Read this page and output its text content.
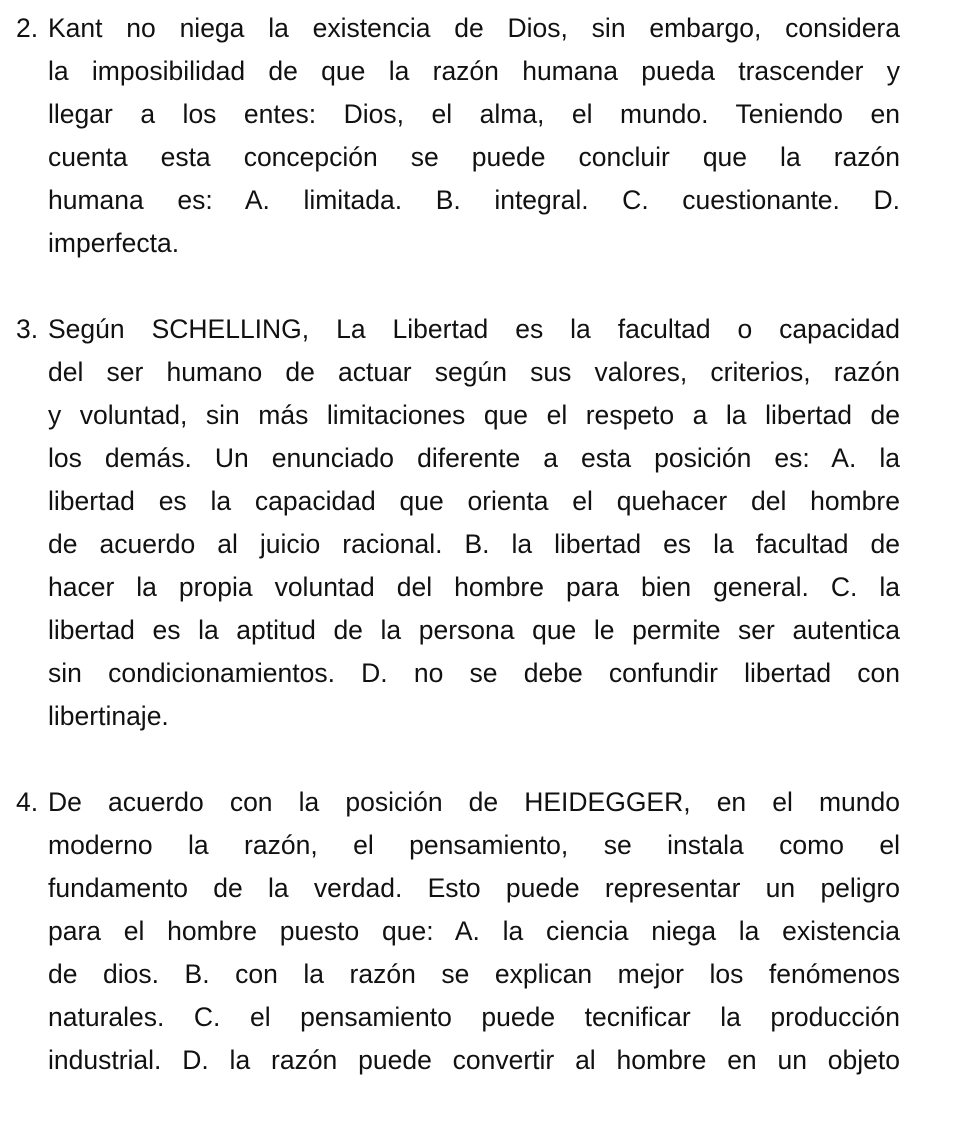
2. Kant no niega la existencia de Dios, sin embargo, considera
la imposibilidad de que la razón humana pueda trascender y
llegar a los entes: Dios, el alma, el mundo. Teniendo en
cuenta esta concepción se puede concluir que la razón
humana es: A. limitada. B. integral. C. cuestionante. D.
imperfecta.
3. Según SCHELLING, La Libertad es la facultad o capacidad
del ser humano de actuar según sus valores, criterios, razón
y voluntad, sin más limitaciones que el respeto a la libertad de
los demás. Un enunciado diferente a esta posición es: A. la
libertad es la capacidad que orienta el quehacer del hombre
de acuerdo al juicio racional. B. la libertad es la facultad de
hacer la propia voluntad del hombre para bien general. C. la
libertad es la aptitud de la persona que le permite ser autentica
sin condicionamientos. D. no se debe confundir libertad con
libertinaje.
4. De acuerdo con la posición de HEIDEGGER, en el mundo
moderno la razón, el pensamiento, se instala como el
fundamento de la verdad. Esto puede representar un peligro
para el hombre puesto que: A. la ciencia niega la existencia
de dios. B. con la razón se explican mejor los fenómenos
naturales. C. el pensamiento puede tecnificar la producción
industrial. D. la razón puede convertir al hombre en un objeto
